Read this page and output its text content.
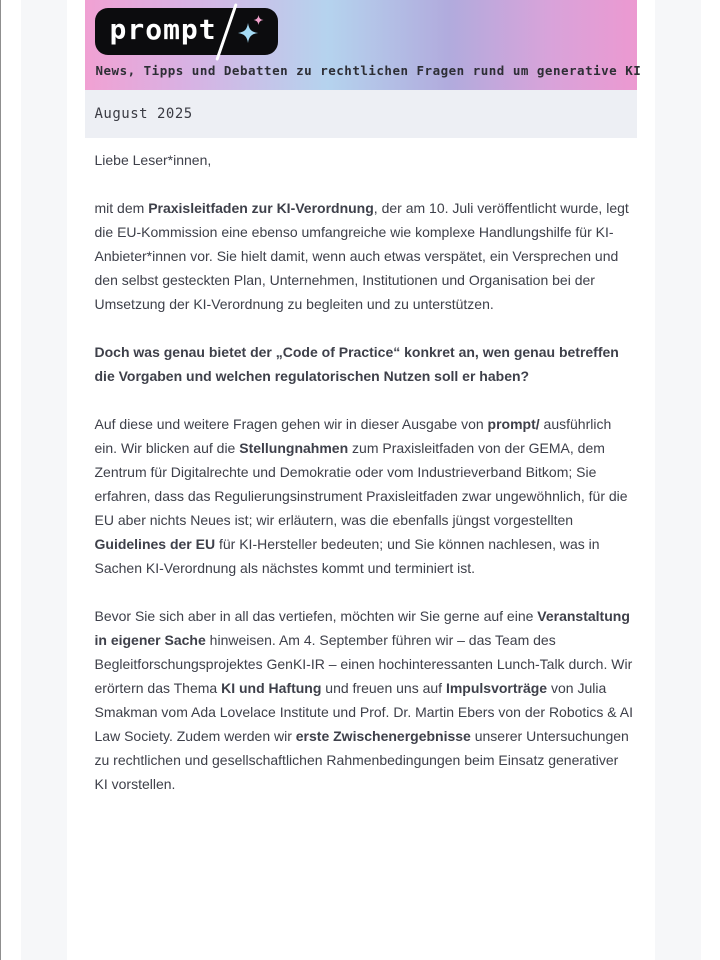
prompt
News, Tipps und Debatten zu rechtlichen Fragen rund um generative KI
August 2025

Liebe Leser*innen,

mit dem Praxisleitfaden zur KI-Verordnung, der am 10. Juli veröffentlicht wurde, legt die EU-Kommission eine ebenso umfangreiche wie komplexe Handlungshilfe für KI-Anbieter*innen vor. Sie hielt damit, wenn auch etwas verspätet, ein Versprechen und den selbst gesteckten Plan, Unternehmen, Institutionen und Organisation bei der Umsetzung der KI-Verordnung zu begleiten und zu unterstützen.

Doch was genau bietet der „Code of Practice“ konkret an, wen genau betreffen die Vorgaben und welchen regulatorischen Nutzen soll er haben?

Auf diese und weitere Fragen gehen wir in dieser Ausgabe von prompt/ ausführlich ein. Wir blicken auf die Stellungnahmen zum Praxisleitfaden von der GEMA, dem Zentrum für Digitalrechte und Demokratie oder vom Industrieverband Bitkom; Sie erfahren, dass das Regulierungsinstrument Praxisleitfaden zwar ungewöhnlich, für die EU aber nichts Neues ist; wir erläutern, was die ebenfalls jüngst vorgestellten Guidelines der EU für KI-Hersteller bedeuten; und Sie können nachlesen, was in Sachen KI-Verordnung als nächstes kommt und terminiert ist.

Bevor Sie sich aber in all das vertiefen, möchten wir Sie gerne auf eine Veranstaltung in eigener Sache hinweisen. Am 4. September führen wir – das Team des Begleitforschungsprojektes GenKI-IR – einen hochinteressanten Lunch-Talk durch. Wir erörtern das Thema KI und Haftung und freuen uns auf Impulsvorträge von Julia Smakman vom Ada Lovelace Institute und Prof. Dr. Martin Ebers von der Robotics & AI Law Society. Zudem werden wir erste Zwischenergebnisse unserer Untersuchungen zu rechtlichen und gesellschaftlichen Rahmenbedingungen beim Einsatz generativer KI vorstellen.
